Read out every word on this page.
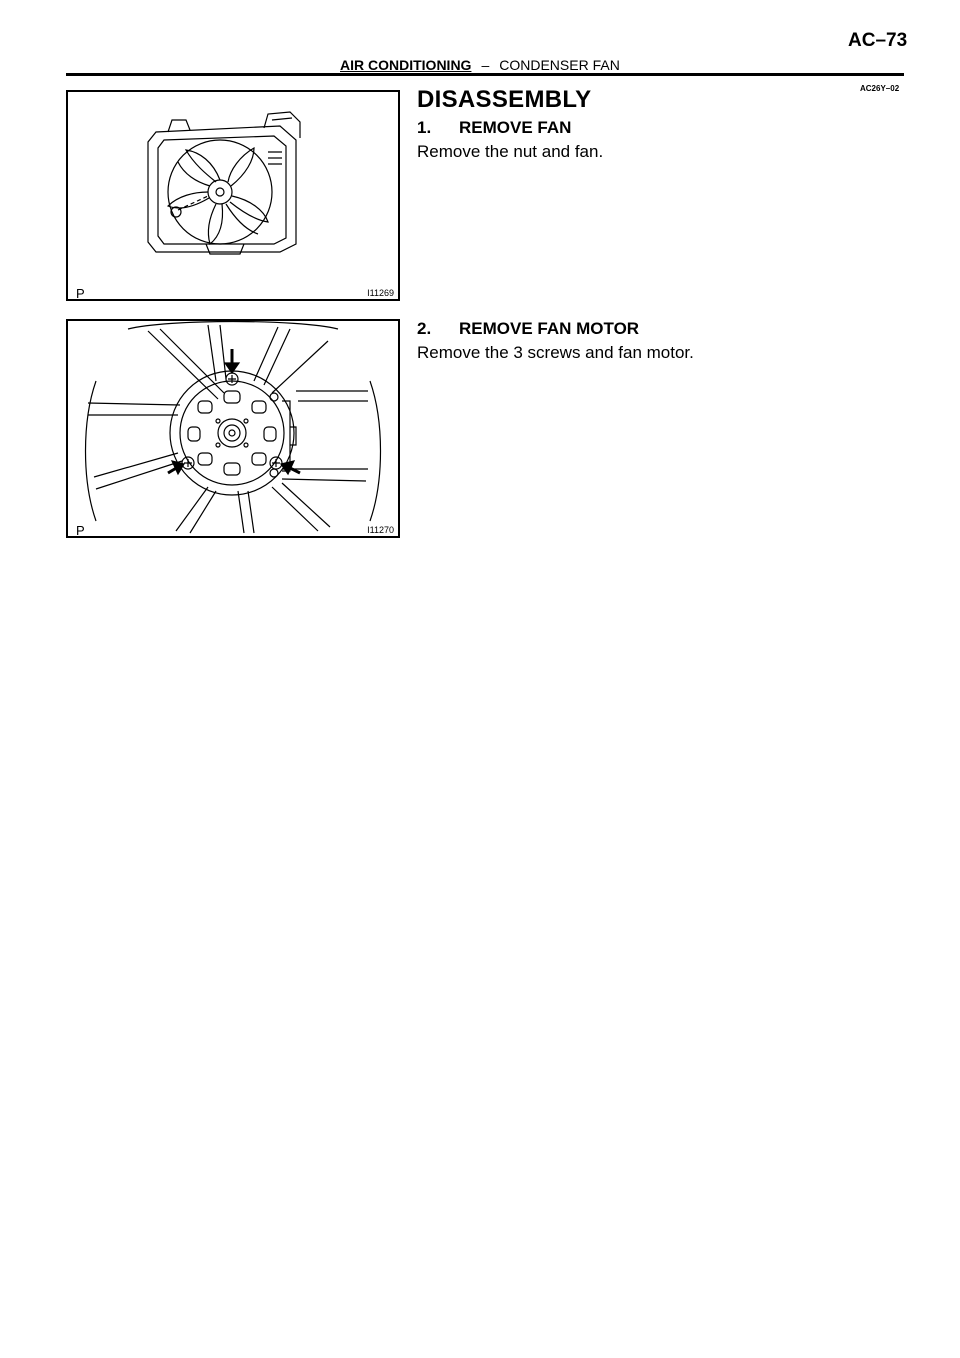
AC–73
AIR CONDITIONING – CONDENSER FAN
AC26Y–02
DISASSEMBLY
1. REMOVE FAN
Remove the nut and fan.
2. REMOVE FAN MOTOR
Remove the 3 screws and fan motor.
P	I11269
P	I11270
